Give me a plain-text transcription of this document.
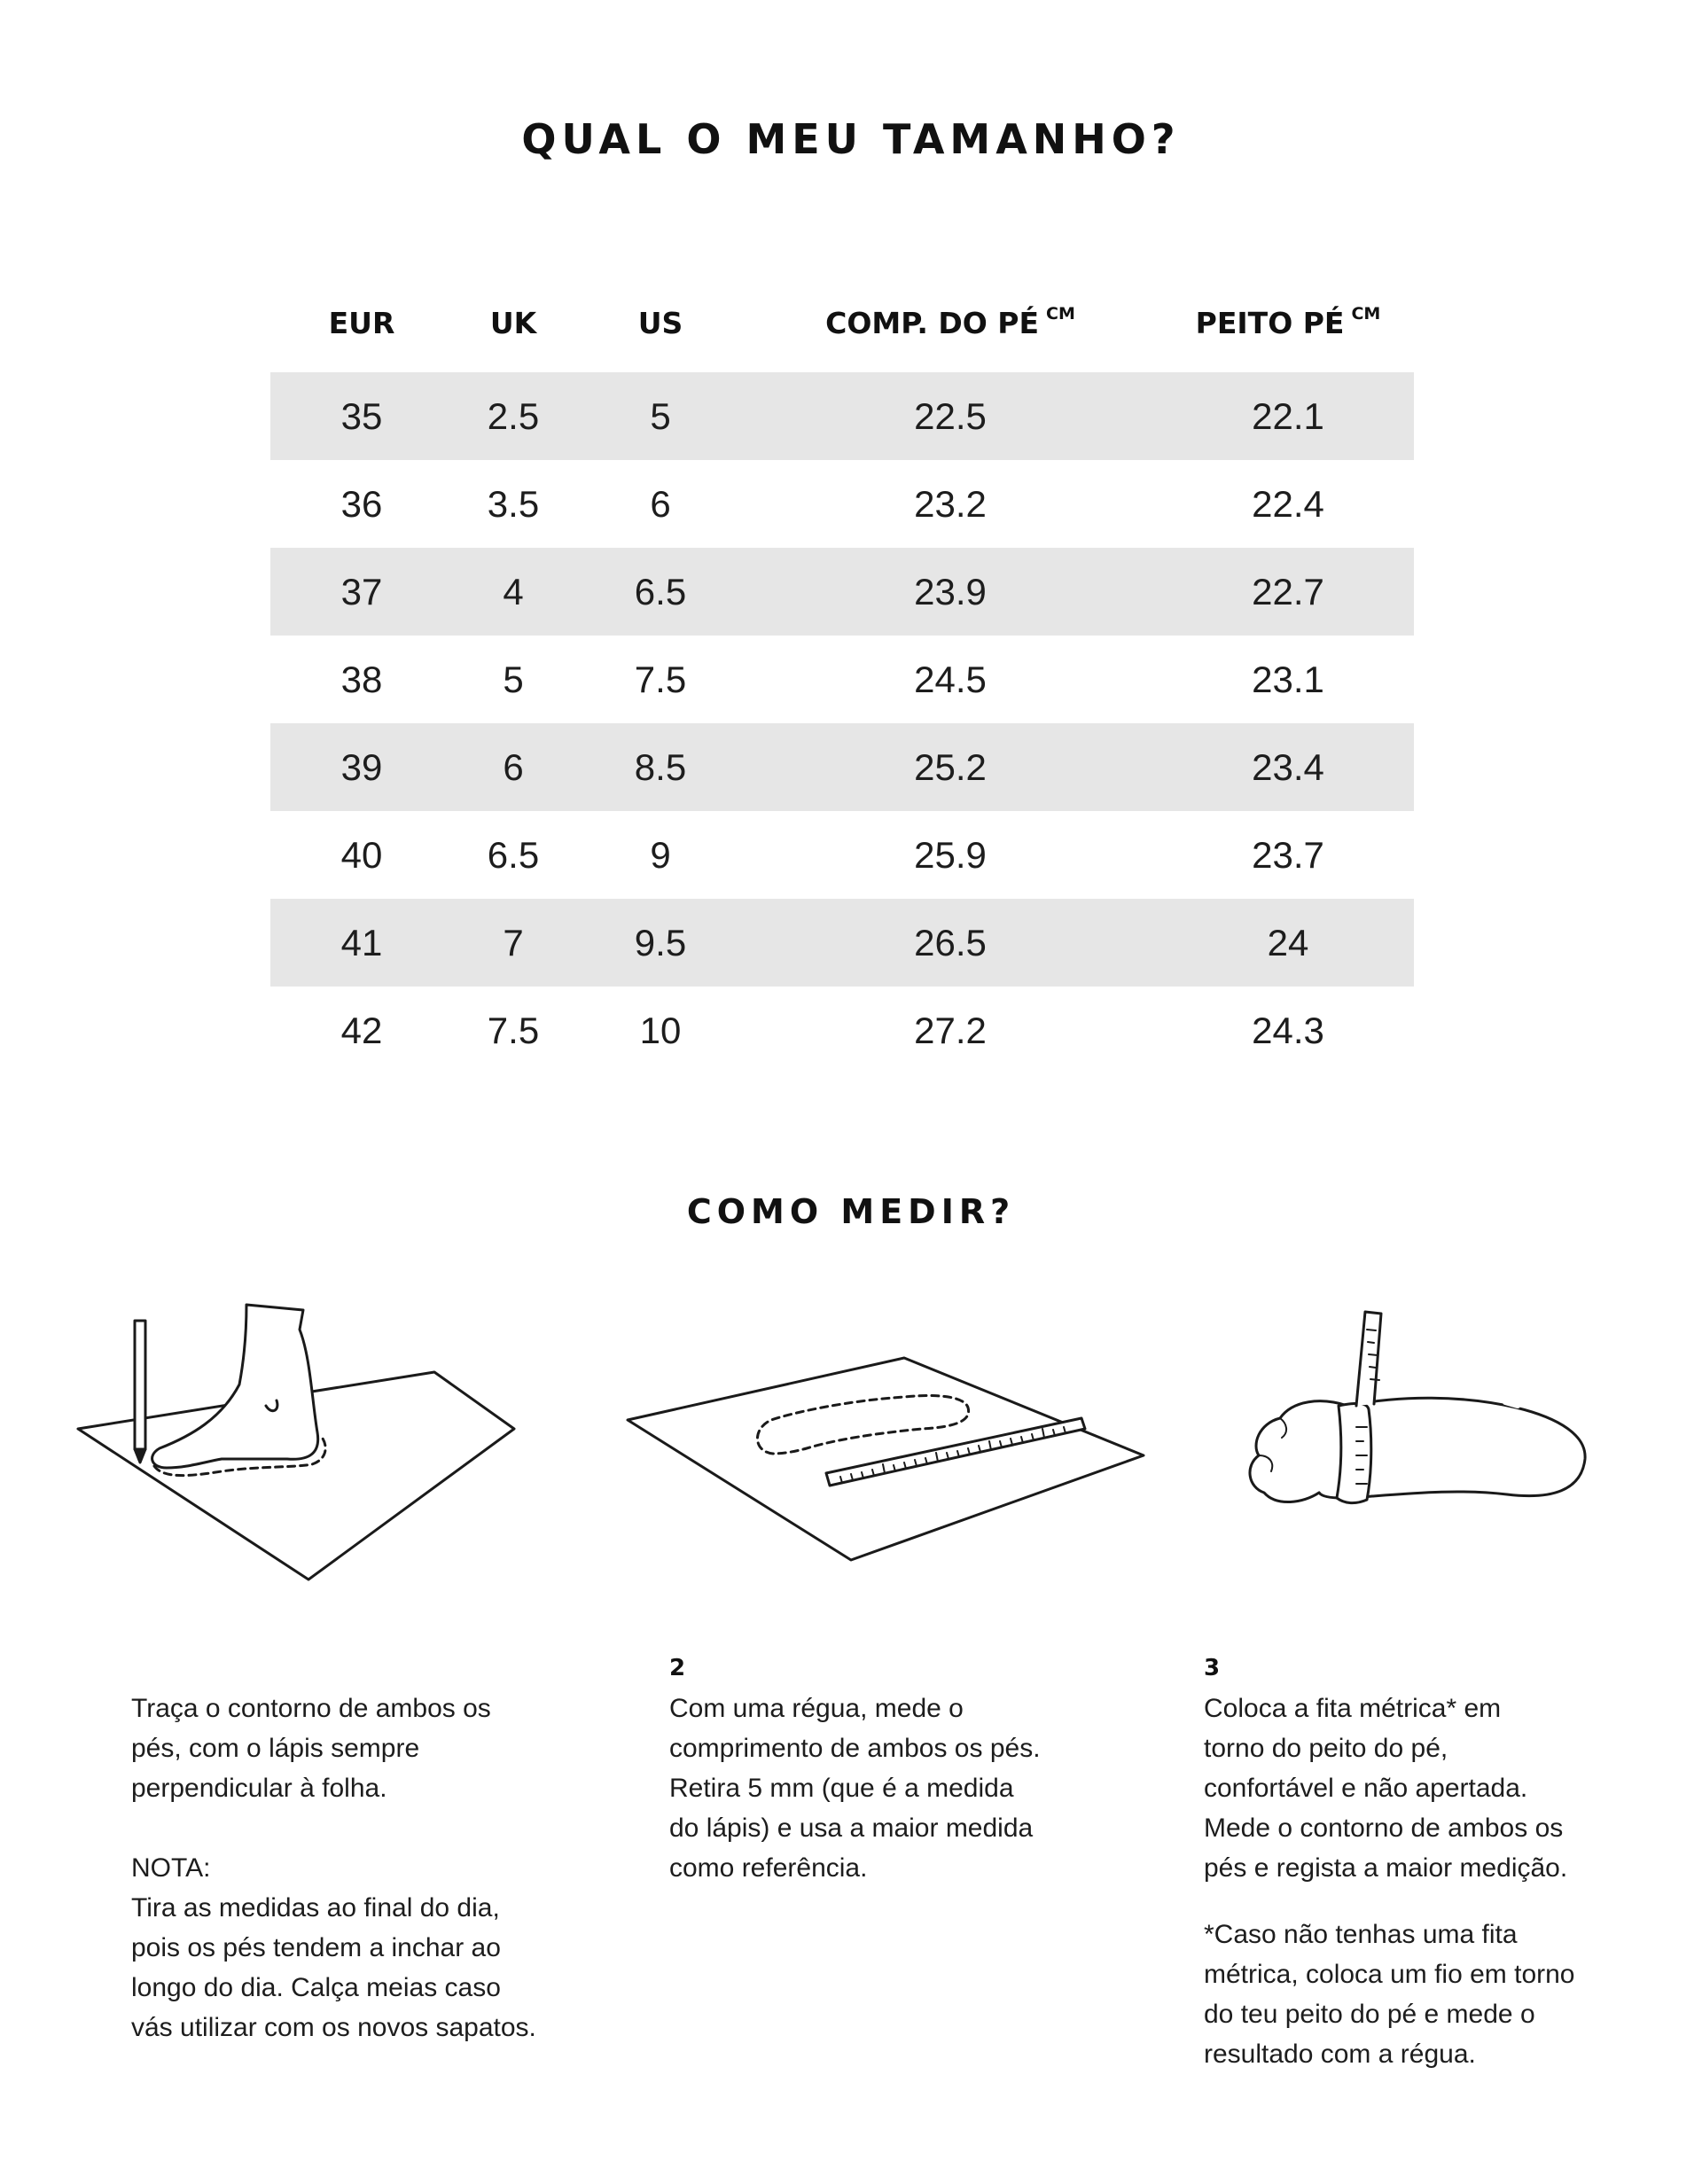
QUAL O MEU TAMANHO?
EUR	UK	US	COMP. DO PÉ $^{CM}$	PEITO PÉ $^{CM}$
35	2.5	5	22.5	22.1
36	3.5	6	23.2	22.4
37	4	6.5	23.9	22.7
38	5	7.5	24.5	23.1
39	6	8.5	25.2	23.4
40	6.5	9	25.9	23.7
41	7	9.5	26.5	24
42	7.5	10	27.2	24.3
COMO MEDIR?

Traça o contorno de ambos os

pés, com o lápis sempre

perpendicular à folha.

NOTA:

Tira as medidas ao final do dia,

pois os pés tendem a inchar ao

longo do dia. Calça meias caso

vás utilizar com os novos sapatos.

2

Com uma régua, mede o

comprimento de ambos os pés.

Retira 5 mm (que é a medida

do lápis) e usa a maior medida

como referência.

3

Coloca a fita métrica* em

torno do peito do pé,

confortável e não apertada.

Mede o contorno de ambos os

pés e regista a maior medição.

*Caso não tenhas uma fita

métrica, coloca um fio em torno

do teu peito do pé e mede o

resultado com a régua.
